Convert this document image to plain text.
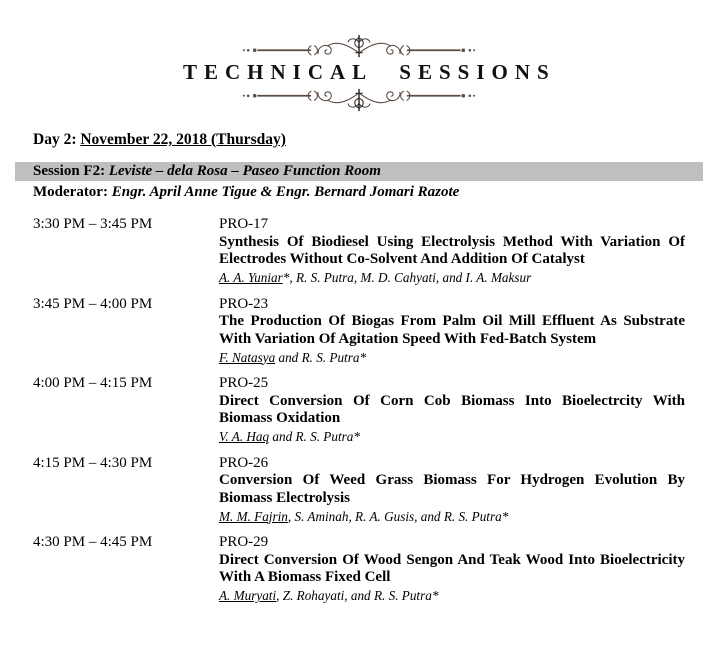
TECHNICAL SESSIONS
Day 2: November 22, 2018 (Thursday)
Session F2: Leviste – dela Rosa – Paseo Function Room
Moderator: Engr. April Anne Tigue & Engr. Bernard Jomari Razote
3:30 PM – 3:45 PM	PRO-17
Synthesis Of Biodiesel Using Electrolysis Method With Variation Of Electrodes Without Co-Solvent And Addition Of Catalyst
A. A. Yuniar*, R. S. Putra, M. D. Cahyati, and I. A. Maksur
3:45 PM – 4:00 PM	PRO-23
The Production Of Biogas From Palm Oil Mill Effluent As Substrate With Variation Of Agitation Speed With Fed-Batch System
F. Natasya and R. S. Putra*
4:00 PM – 4:15 PM	PRO-25
Direct Conversion Of Corn Cob Biomass Into Bioelectrcity With Biomass Oxidation
V. A. Haq and R. S. Putra*
4:15 PM – 4:30 PM	PRO-26
Conversion Of Weed Grass Biomass For Hydrogen Evolution By Biomass Electrolysis
M. M. Fajrin, S. Aminah, R. A. Gusis, and R. S. Putra*
4:30 PM – 4:45 PM	PRO-29
Direct Conversion Of Wood Sengon And Teak Wood Into Bioelectricity With A Biomass Fixed Cell
A. Muryati, Z. Rohayati, and R. S. Putra*
